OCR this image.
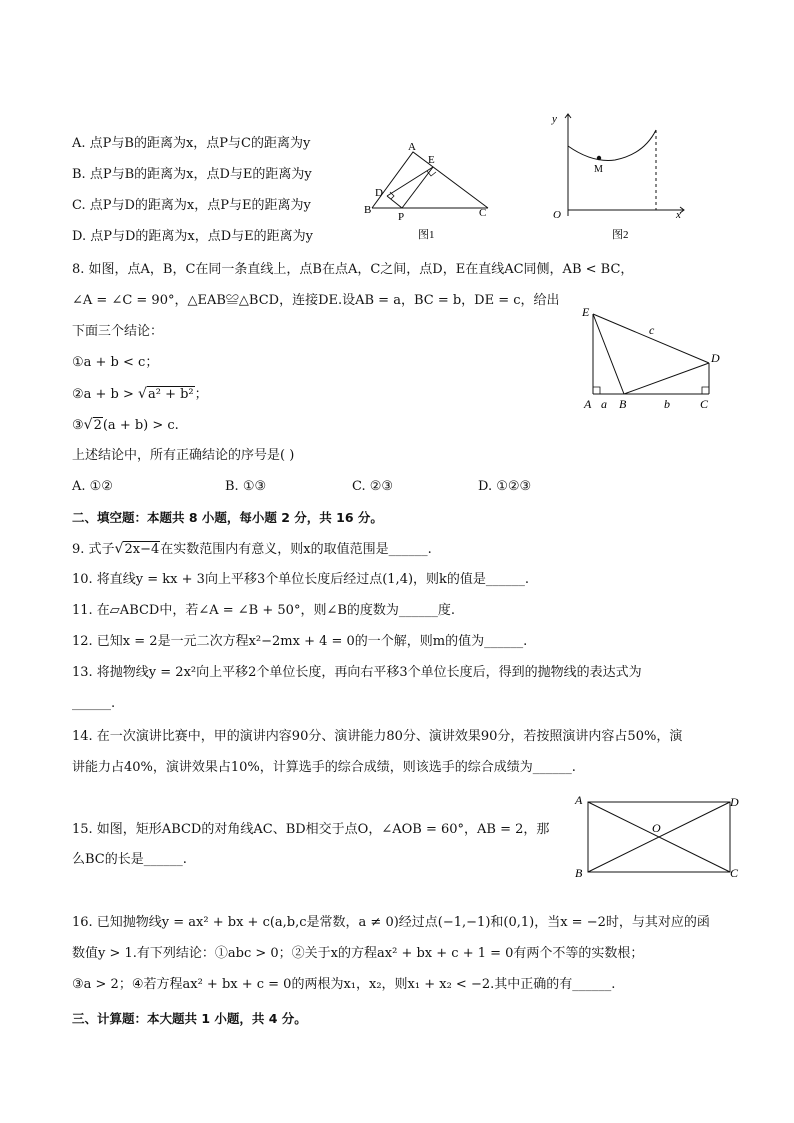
A. 点P与B的距离为x，点P与C的距离为y
B. 点P与B的距离为x，点D与E的距离为y
C. 点P与D的距离为x，点P与E的距离为y
D. 点P与D的距离为x，点D与E的距离为y
A
E
D
B
P	C
图1
y
M
O	x
图2
8. 如图，点A，B，C在同一条直线上，点B在点A，C之间，点D，E在直线AC同侧，AB < BC，
∠A = ∠C = 90°，△EAB≌△BCD，连接DE.设AB = a，BC = b，DE = c，给出
下面三个结论：
①a + b < c；
②a + b > √a² + b²；
③√2(a + b) > c.
上述结论中，所有正确结论的序号是( )
A. ①②	B. ①③	C. ②③	D. ①②③
E
c
D
A a B	b	C
二、填空题：本题共 8 小题，每小题 2 分，共 16 分。
9. 式子√2x−4在实数范围内有意义，则x的取值范围是______.
10. 将直线y = kx + 3向上平移3个单位长度后经过点(1,4)，则k的值是______.
11. 在▱ABCD中，若∠A = ∠B + 50°，则∠B的度数为______度.
12. 已知x = 2是一元二次方程x²−2mx + 4 = 0的一个解，则m的值为______.
13. 将抛物线y = 2x²向上平移2个单位长度，再向右平移3个单位长度后，得到的抛物线的表达式为
______.
14. 在一次演讲比赛中，甲的演讲内容90分、演讲能力80分、演讲效果90分，若按照演讲内容占50%，演
讲能力占40%，演讲效果占10%，计算选手的综合成绩，则该选手的综合成绩为______.
15. 如图，矩形ABCD的对角线AC、BD相交于点O，∠AOB = 60°，AB = 2，那
么BC的长是______.
A	D
O
B	C
16. 已知抛物线y = ax² + bx + c(a,b,c是常数，a ≠ 0)经过点(−1,−1)和(0,1)，当x = −2时，与其对应的函
数值y > 1.有下列结论：①abc > 0；②关于x的方程ax² + bx + c + 1 = 0有两个不等的实数根；
③a > 2；④若方程ax² + bx + c = 0的两根为x₁，x₂，则x₁ + x₂ < −2.其中正确的有______.
三、计算题：本大题共 1 小题，共 4 分。
